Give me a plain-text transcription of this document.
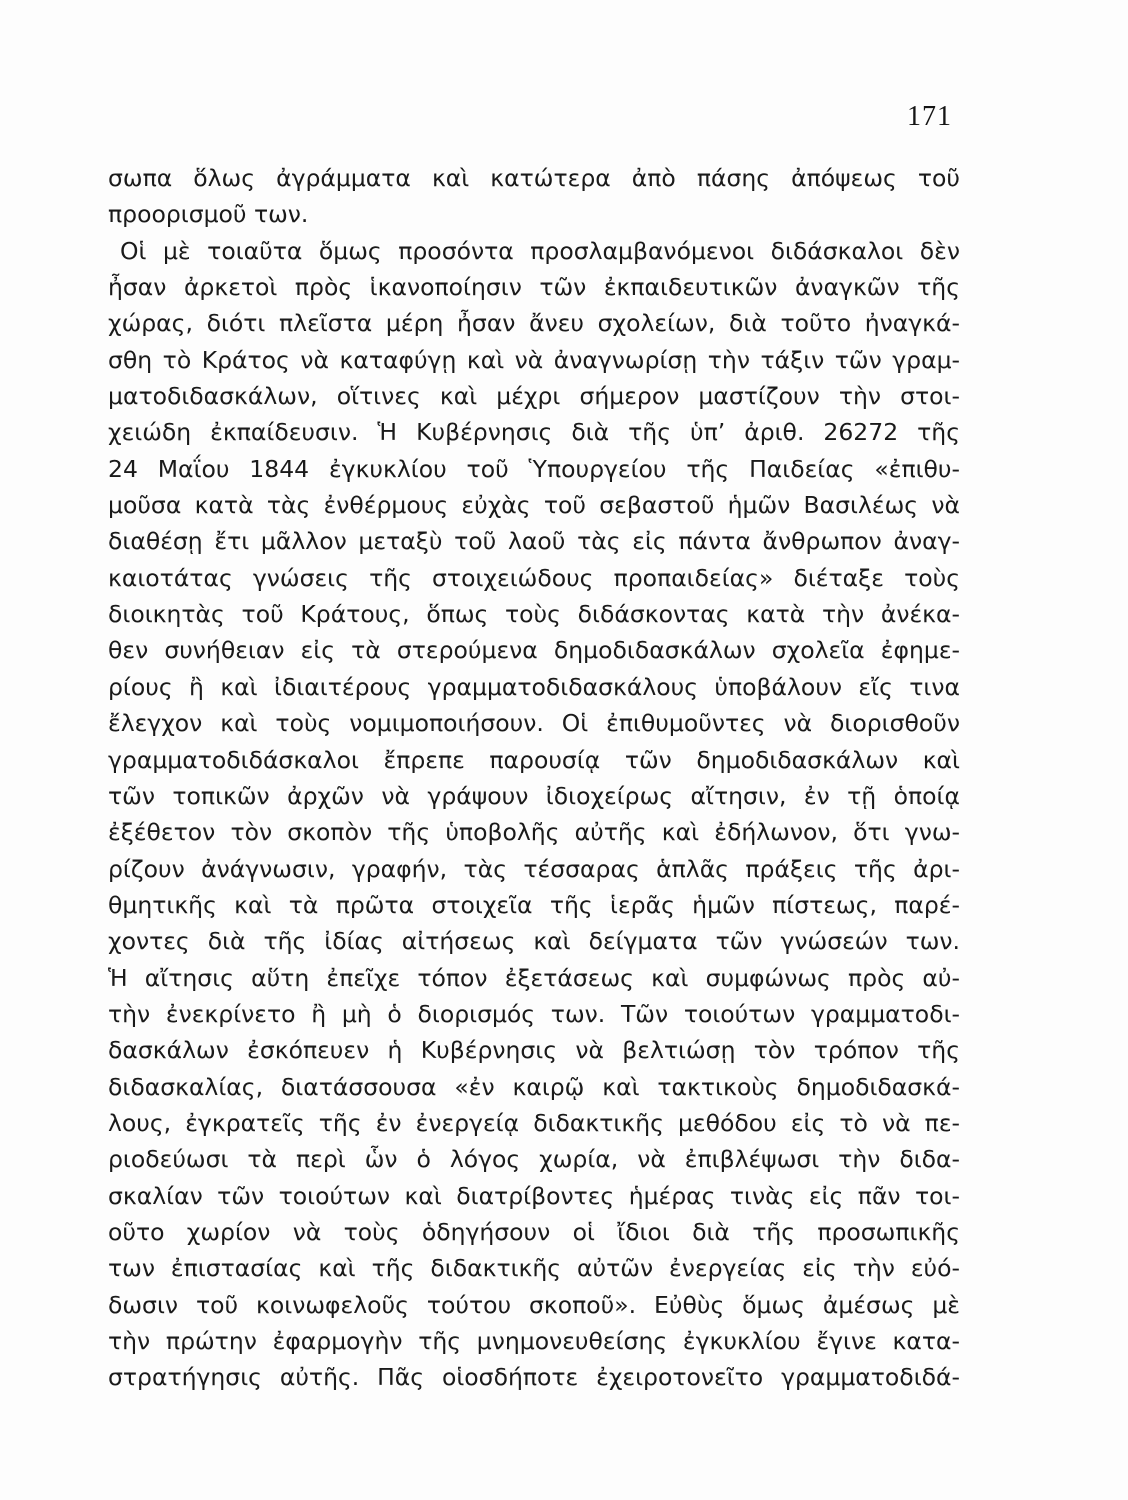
171
σωπα ὅλως ἀγράμματα καὶ κατώτερα ἀπὸ πάσης ἀπόψεως τοῦ
προορισμοῦ των.
Οἱ μὲ τοιαῦτα ὅμως προσόντα προσλαμβανόμενοι διδάσκαλοι δὲν
ἦσαν ἀρκετοὶ πρὸς ἱκανοποίησιν τῶν ἐκπαιδευτικῶν ἀναγκῶν τῆς
χώρας, διότι πλεῖστα μέρη ἦσαν ἄνευ σχολείων, διὰ τοῦτο ἠναγκά-
σθη τὸ Κράτος νὰ καταφύγῃ καὶ νὰ ἀναγνωρίσῃ τὴν τάξιν τῶν γραμ-
ματοδιδασκάλων, οἵτινες καὶ μέχρι σήμερον μαστίζουν τὴν στοι-
χειώδη ἐκπαίδευσιν. Ἡ Κυβέρνησις διὰ τῆς ὑπ’ ἀριθ. 26272 τῆς
24 Μαΐου 1844 ἐγκυκλίου τοῦ Ὑπουργείου τῆς Παιδείας «ἐπιθυ-
μοῦσα κατὰ τὰς ἐνθέρμους εὐχὰς τοῦ σεβαστοῦ ἡμῶν Βασιλέως νὰ
διαθέσῃ ἔτι μᾶλλον μεταξὺ τοῦ λαοῦ τὰς εἰς πάντα ἄνθρωπον ἀναγ-
καιοτάτας γνώσεις τῆς στοιχειώδους προπαιδείας» διέταξε τοὺς
διοικητὰς τοῦ Κράτους, ὅπως τοὺς διδάσκοντας κατὰ τὴν ἀνέκα-
θεν συνήθειαν εἰς τὰ στερούμενα δημοδιδασκάλων σχολεῖα ἐφημε-
ρίους ἢ καὶ ἰδιαιτέρους γραμματοδιδασκάλους ὑποβάλουν εἴς τινα
ἔλεγχον καὶ τοὺς νομιμοποιήσουν. Οἱ ἐπιθυμοῦντες νὰ διορισθοῦν
γραμματοδιδάσκαλοι ἔπρεπε παρουσίᾳ τῶν δημοδιδασκάλων καὶ
τῶν τοπικῶν ἀρχῶν νὰ γράψουν ἰδιοχείρως αἴτησιν, ἐν τῇ ὁποίᾳ
ἐξέθετον τὸν σκοπὸν τῆς ὑποβολῆς αὐτῆς καὶ ἐδήλωνον, ὅτι γνω-
ρίζουν ἀνάγνωσιν, γραφήν, τὰς τέσσαρας ἁπλᾶς πράξεις τῆς ἀρι-
θμητικῆς καὶ τὰ πρῶτα στοιχεῖα τῆς ἱερᾶς ἡμῶν πίστεως, παρέ-
χοντες διὰ τῆς ἰδίας αἰτήσεως καὶ δείγματα τῶν γνώσεών των.
Ἡ αἴτησις αὕτη ἐπεῖχε τόπον ἐξετάσεως καὶ συμφώνως πρὸς αὐ-
τὴν ἐνεκρίνετο ἢ μὴ ὁ διορισμός των. Τῶν τοιούτων γραμματοδι-
δασκάλων ἐσκόπευεν ἡ Κυβέρνησις νὰ βελτιώσῃ τὸν τρόπον τῆς
διδασκαλίας, διατάσσουσα «ἐν καιρῷ καὶ τακτικοὺς δημοδιδασκά-
λους, ἐγκρατεῖς τῆς ἐν ἐνεργείᾳ διδακτικῆς μεθόδου εἰς τὸ νὰ πε-
ριοδεύωσι τὰ περὶ ὧν ὁ λόγος χωρία, νὰ ἐπιβλέψωσι τὴν διδα-
σκαλίαν τῶν τοιούτων καὶ διατρίβοντες ἡμέρας τινὰς εἰς πᾶν τοι-
οῦτο χωρίον νὰ τοὺς ὁδηγήσουν οἱ ἴδιοι διὰ τῆς προσωπικῆς
των ἐπιστασίας καὶ τῆς διδακτικῆς αὐτῶν ἐνεργείας εἰς τὴν εὐό-
δωσιν τοῦ κοινωφελοῦς τούτου σκοποῦ». Εὐθὺς ὅμως ἀμέσως μὲ
τὴν πρώτην ἐφαρμογὴν τῆς μνημονευθείσης ἐγκυκλίου ἔγινε κατα-
στρατήγησις αὐτῆς. Πᾶς οἱοσδήποτε ἐχειροτονεῖτο γραμματοδιδά-
